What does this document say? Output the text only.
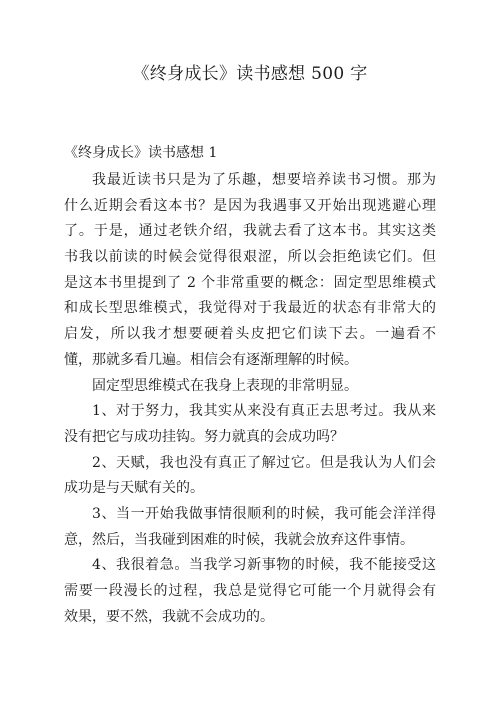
《终身成长》读书感想 500 字
《终身成长》读书感想 1
我最近读书只是为了乐趣，想要培养读书习惯。那为
什么近期会看这本书？是因为我遇事又开始出现逃避心理
了。于是，通过老铁介绍，我就去看了这本书。其实这类
书我以前读的时候会觉得很艰涩，所以会拒绝读它们。但
是这本书里提到了 2 个非常重要的概念：固定型思维模式
和成长型思维模式，我觉得对于我最近的状态有非常大的
启发，所以我才想要硬着头皮把它们读下去。一遍看不
懂，那就多看几遍。相信会有逐渐理解的时候。
固定型思维模式在我身上表现的非常明显。
1、对于努力，我其实从来没有真正去思考过。我从来
没有把它与成功挂钩。努力就真的会成功吗？
2、天赋，我也没有真正了解过它。但是我认为人们会
成功是与天赋有关的。
3、当一开始我做事情很顺利的时候，我可能会洋洋得
意，然后，当我碰到困难的时候，我就会放弃这件事情。
4、我很着急。当我学习新事物的时候，我不能接受这
需要一段漫长的过程，我总是觉得它可能一个月就得会有
效果，要不然，我就不会成功的。
